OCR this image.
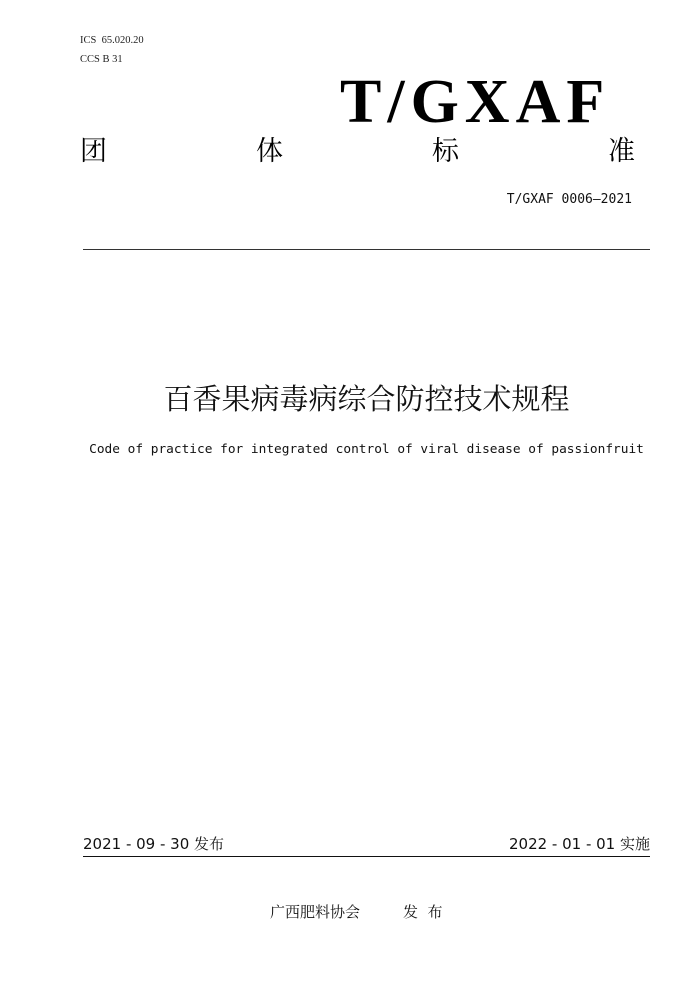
ICS  65.020.20
CCS B 31
T/GXAF
团	体	标	准
T/GXAF 0006—2021
百香果病毒病综合防控技术规程
Code of practice for integrated control of viral disease of passionfruit
2021 - 09 - 30 发布	2022 - 01 - 01 实施
广西肥料协会	发  布
